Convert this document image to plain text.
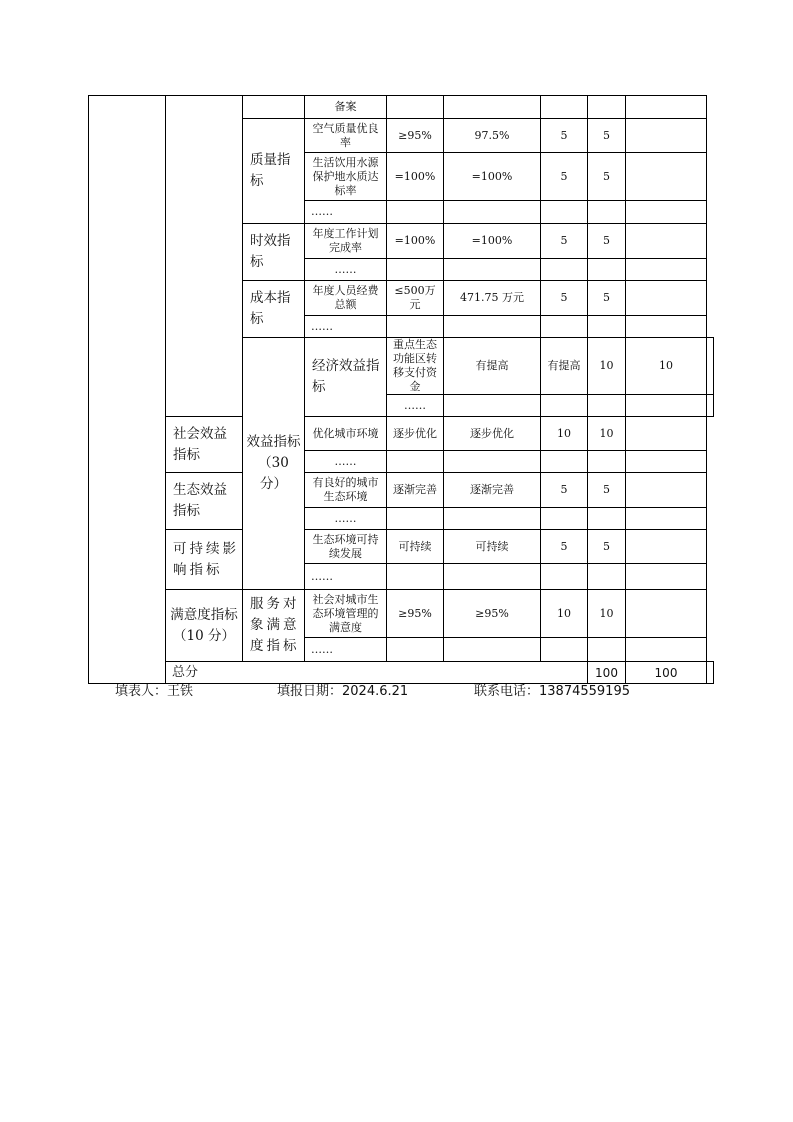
			备案						
		质量指标	空气质量优良率	≥95%	97.5%	5	5		
			生活饮用水源保护地水质达标率	=100%	=100%	5	5		
			……						
		时效指标	年度工作计划完成率	=100%	=100%	5	5		
			……						
		成本指标	年度人员经费总额	≤500万元	471.75 万元	5	5		
			……						
		效益指标（30 分）	经济效益指标	重点生态功能区转移支付资金	有提高	有提高	10	10	
				……					
	社会效益指标		优化城市环境	逐步优化	逐步优化	10	10		
			……						
	生态效益指标		有良好的城市生态环境	逐渐完善	逐渐完善	5	5		
			……						
	可持续影响指标		生态环境可持续发展	可持续	可持续	5	5		
			……						
	满意度指标（10 分）	服务对象满意度指标	社会对城市生态环境管理的满意度	≥95%	≥95%	10	10		
			……						
	总分						100	100	
填表人：王铁	填报日期：2024.6.21	联系电话：13874559195
